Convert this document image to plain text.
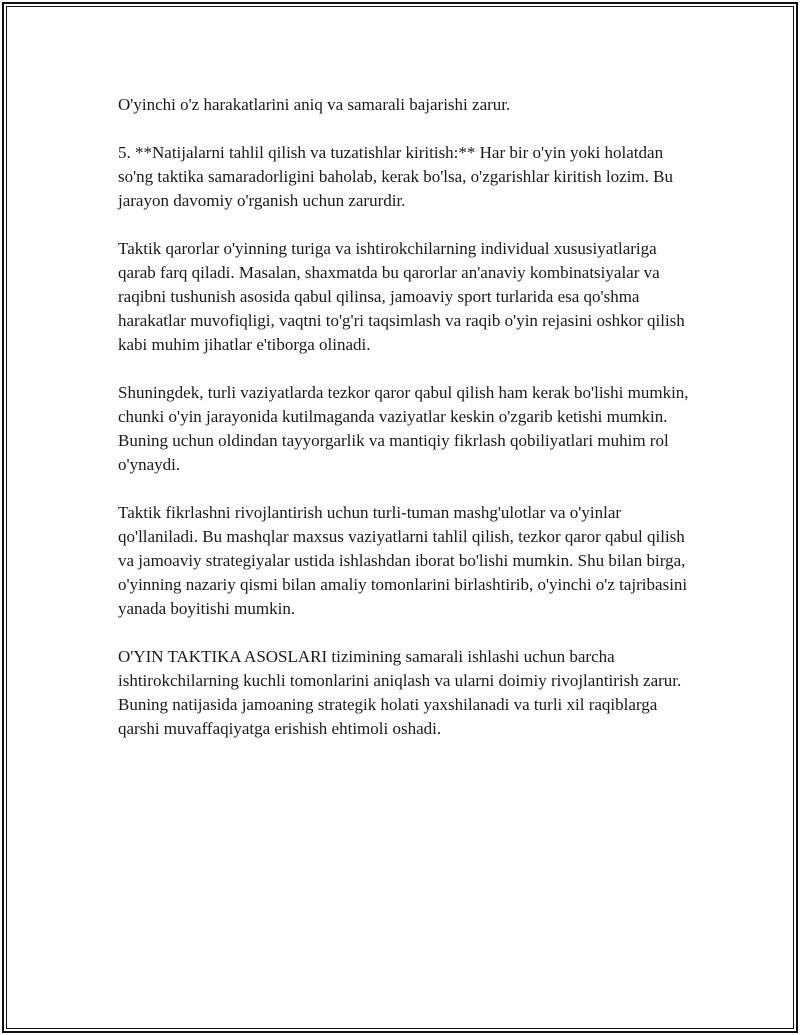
O'yinchi o'z harakatlarini aniq va samarali bajarishi zarur.

5. **Natijalarni tahlil qilish va tuzatishlar kiritish:** Har bir o'yin yoki holatdan so'ng taktika samaradorligini baholab, kerak bo'lsa, o'zgarishlar kiritish lozim. Bu jarayon davomiy o'rganish uchun zarurdir.

Taktik qarorlar o'yinning turiga va ishtirokchilarning individual xususiyatlariga qarab farq qiladi. Masalan, shaxmatda bu qarorlar an'anaviy kombinatsiyalar va raqibni tushunish asosida qabul qilinsa, jamoaviy sport turlarida esa qo'shma harakatlar muvofiqligi, vaqtni to'g'ri taqsimlash va raqib o'yin rejasini oshkor qilish kabi muhim jihatlar e'tiborga olinadi.

Shuningdek, turli vaziyatlarda tezkor qaror qabul qilish ham kerak bo'lishi mumkin, chunki o'yin jarayonida kutilmaganda vaziyatlar keskin o'zgarib ketishi mumkin. Buning uchun oldindan tayyorgarlik va mantiqiy fikrlash qobiliyatlari muhim rol o'ynaydi.

Taktik fikrlashni rivojlantirish uchun turli-tuman mashg'ulotlar va o'yinlar qo'llaniladi. Bu mashqlar maxsus vaziyatlarni tahlil qilish, tezkor qaror qabul qilish va jamoaviy strategiyalar ustida ishlashdan iborat bo'lishi mumkin. Shu bilan birga, o'yinning nazariy qismi bilan amaliy tomonlarini birlashtirib, o'yinchi o'z tajribasini yanada boyitishi mumkin.

O'YIN TAKTIKA ASOSLARI tizimining samarali ishlashi uchun barcha ishtirokchilarning kuchli tomonlarini aniqlash va ularni doimiy rivojlantirish zarur. Buning natijasida jamoaning strategik holati yaxshilanadi va turli xil raqiblarga qarshi muvaffaqiyatga erishish ehtimoli oshadi.
